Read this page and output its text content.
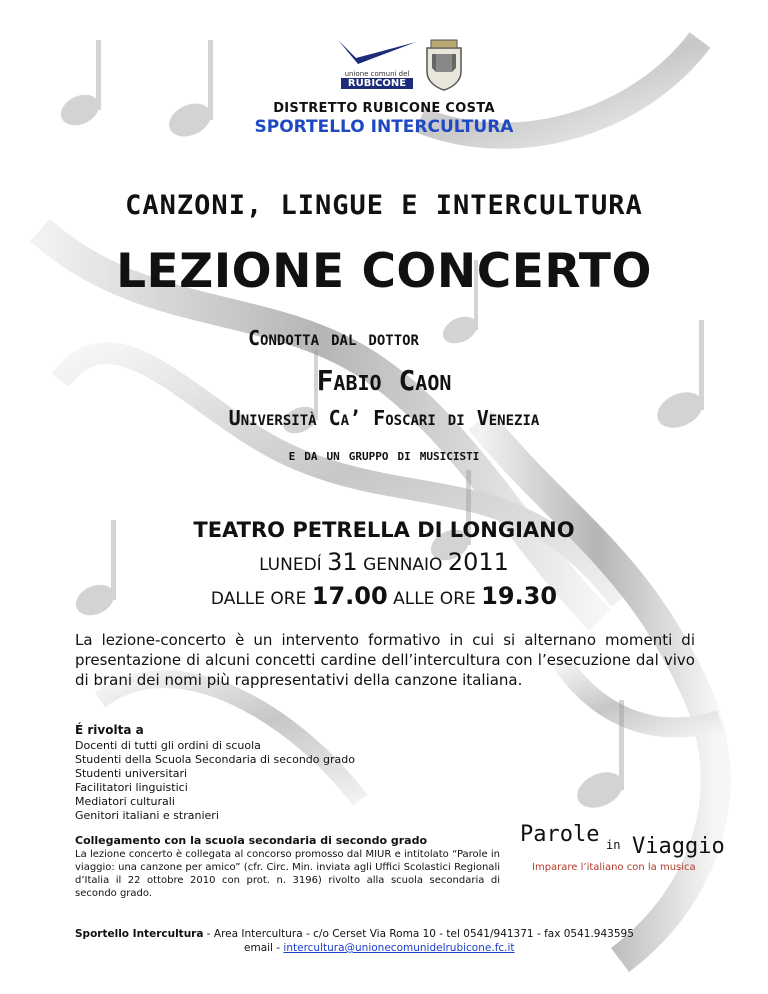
unione comuni del
RUBICONE
DISTRETTO RUBICONE COSTA
SPORTELLO INTERCULTURA
CANZONI, LINGUE E INTERCULTURA
LEZIONE CONCERTO
Condotta dal dottor
Fabio Caon
Università Ca’ Foscari di Venezia
e da un gruppo di musicisti
TEATRO PETRELLA DI LONGIANO
LUNEDÍ 31 GENNAIO 2011
DALLE ORE 17.00 ALLE ORE 19.30
La lezione-concerto è un intervento formativo in cui si alternano momenti di presentazione di alcuni concetti cardine dell’intercultura con l’esecuzione dal vivo di brani dei nomi più rappresentativi della canzone italiana.
É rivolta a
Docenti di tutti gli ordini di scuola
Studenti della Scuola Secondaria di secondo grado
Studenti universitari
Facilitatori linguistici
Mediatori culturali
Genitori italiani e stranieri
Collegamento con la scuola secondaria di secondo grado
La lezione concerto è collegata al concorso promosso dal MIUR e intitolato “Parole in viaggio: una canzone per amico” (cfr. Circ. Min. inviata agli Uffici Scolastici Regionali d’Italia il 22 ottobre 2010 con prot. n. 3196) rivolto alla scuola secondaria di secondo grado.
Parole in Viaggio
Imparare l’italiano con la musica
Sportello Intercultura - Area Intercultura - c/o Cerset Via Roma 10 - tel 0541/941371 - fax 0541.943595
email - intercultura@unionecomunidelrubicone.fc.it
